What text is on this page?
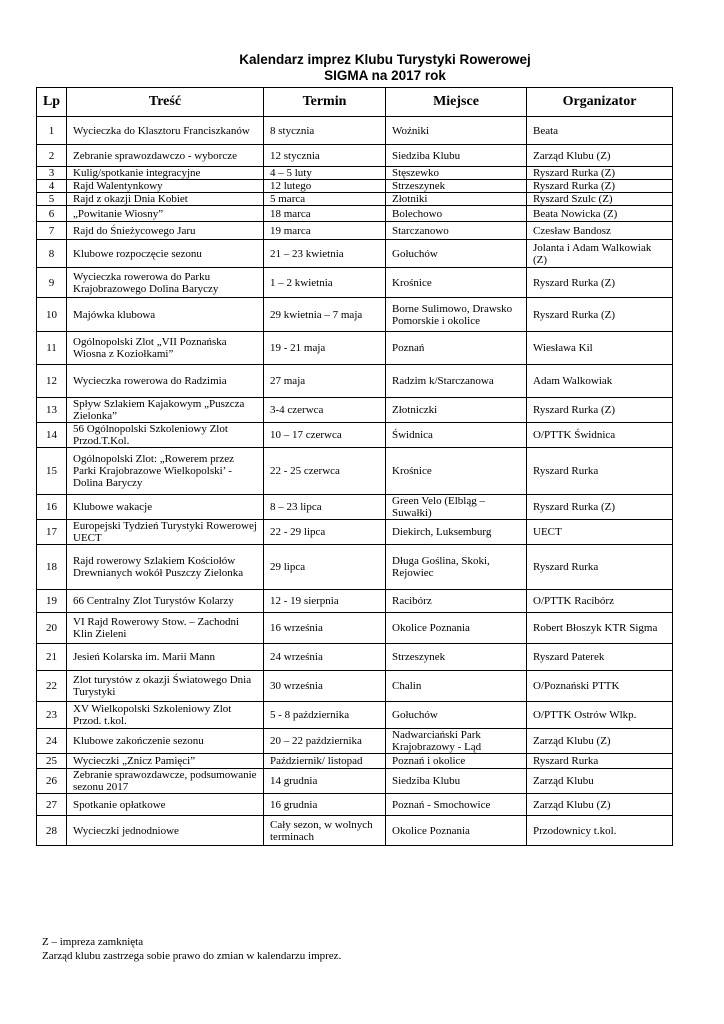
Kalendarz imprez Klubu Turystyki Rowerowej
SIGMA na 2017 rok
Lp	Treść	Termin	Miejsce	Organizator
1	Wycieczka do Klasztoru Franciszkanów	8 stycznia	Woźniki	Beata
2	Zebranie sprawozdawczo - wyborcze	12 stycznia	Siedziba Klubu	Zarząd Klubu (Z)
3	Kulig/spotkanie integracyjne	4 – 5 luty	Stęszewko	Ryszard Rurka (Z)
4	Rajd Walentynkowy	12 lutego	Strzeszynek	Ryszard Rurka (Z)
5	Rajd z okazji Dnia Kobiet	5 marca	Złotniki	Ryszard Szulc (Z)
6	„Powitanie Wiosny”	18 marca	Bolechowo	Beata Nowicka (Z)
7	Rajd do Śnieżycowego Jaru	19 marca	Starczanowo	Czesław Bandosz
8	Klubowe rozpoczęcie sezonu	21 – 23 kwietnia	Gołuchów	Jolanta i Adam Walkowiak (Z)
9	Wycieczka rowerowa do Parku Krajobrazowego Dolina Baryczy	1 – 2 kwietnia	Krośnice	Ryszard Rurka (Z)
10	Majówka klubowa	29 kwietnia – 7 maja	Borne Sulimowo, Drawsko Pomorskie i okolice	Ryszard Rurka (Z)
11	Ogólnopolski Zlot „VII Poznańska Wiosna z Koziołkami”	19 - 21 maja	Poznań	Wiesława Kil
12	Wycieczka rowerowa do Radzimia	27 maja	Radzim k/Starczanowa	Adam Walkowiak
13	Spływ Szlakiem Kajakowym „Puszcza Zielonka”	3-4 czerwca	Złotniczki	Ryszard Rurka (Z)
14	56 Ogólnopolski Szkoleniowy Zlot Przod.T.Kol.	10 – 17 czerwca	Świdnica	O/PTTK Świdnica
15	Ogólnopolski Zlot: „Rowerem przez Parki Krajobrazowe Wielkopolski’ - Dolina Baryczy	22 - 25 czerwca	Krośnice	Ryszard Rurka
16	Klubowe wakacje	8 – 23 lipca	Green Velo (Elbląg – Suwałki)	Ryszard Rurka (Z)
17	Europejski Tydzień Turystyki Rowerowej UECT	22 - 29 lipca	Diekirch, Luksemburg	UECT
18	Rajd rowerowy Szlakiem Kościołów Drewnianych wokół Puszczy Zielonka	29 lipca	Długa Goślina, Skoki, Rejowiec	Ryszard Rurka
19	66 Centralny Zlot Turystów Kolarzy	12 - 19 sierpnia	Racibórz	O/PTTK Racibórz
20	VI Rajd Rowerowy Stow. – Zachodni Klin Zieleni	16 września	Okolice Poznania	Robert Błoszyk KTR Sigma
21	Jesień Kolarska im. Marii Mann	24 września	Strzeszynek	Ryszard Paterek
22	Zlot turystów z okazji Światowego Dnia Turystyki	30 września	Chalin	O/Poznański PTTK
23	XV Wielkopolski Szkoleniowy Zlot Przod. t.kol.	5 - 8 października	Gołuchów	O/PTTK Ostrów Wlkp.
24	Klubowe zakończenie sezonu	20 – 22 października	Nadwarciański Park Krajobrazowy - Ląd	Zarząd Klubu (Z)
25	Wycieczki „Znicz Pamięci”	Październik/ listopad	Poznań i okolice	Ryszard Rurka
26	Zebranie sprawozdawcze, podsumowanie sezonu 2017	14 grudnia	Siedziba Klubu	Zarząd Klubu
27	Spotkanie opłatkowe	16 grudnia	Poznań - Smochowice	Zarząd Klubu (Z)
28	Wycieczki jednodniowe	Cały sezon, w wolnych terminach	Okolice Poznania	Przodownicy t.kol.
Z – impreza zamknięta
Zarząd klubu zastrzega sobie prawo do zmian w kalendarzu imprez.
